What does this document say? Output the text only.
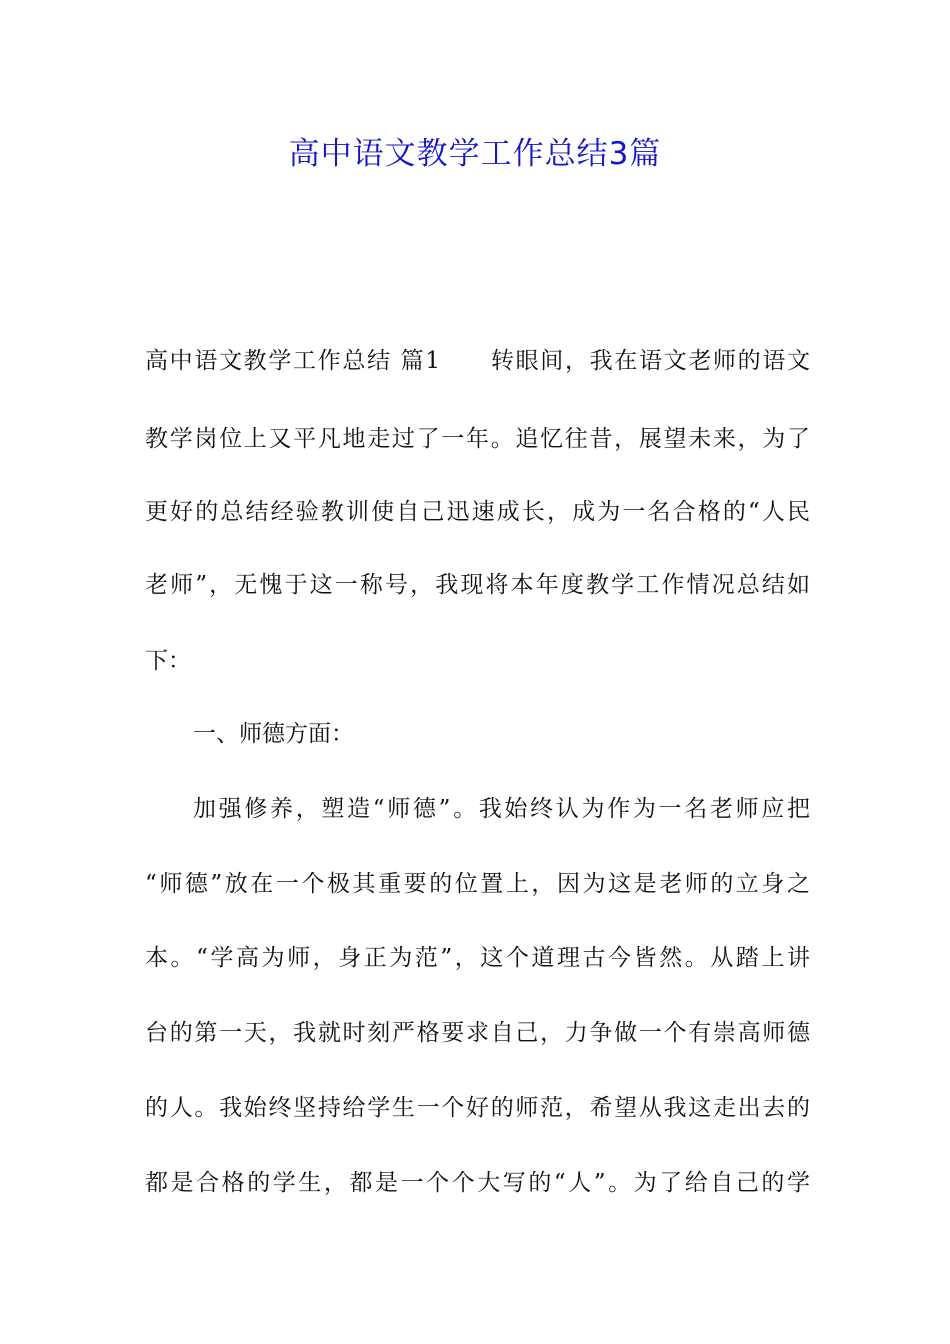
高中语文教学工作总结3篇
高中语文教学工作总结 篇1　　转眼间，我在语文老师的语文
教学岗位上又平凡地走过了一年。追忆往昔，展望未来，为了
更好的总结经验教训使自己迅速成长，成为一名合格的“人民
老师”，无愧于这一称号，我现将本年度教学工作情况总结如
下：
一、师德方面：
加强修养，塑造“师德”。我始终认为作为一名老师应把
“师德”放在一个极其重要的位置上，因为这是老师的立身之
本。“学高为师，身正为范”，这个道理古今皆然。从踏上讲
台的第一天，我就时刻严格要求自己，力争做一个有崇高师德
的人。我始终坚持给学生一个好的师范，希望从我这走出去的
都是合格的学生，都是一个个大写的“人”。为了给自己的学
